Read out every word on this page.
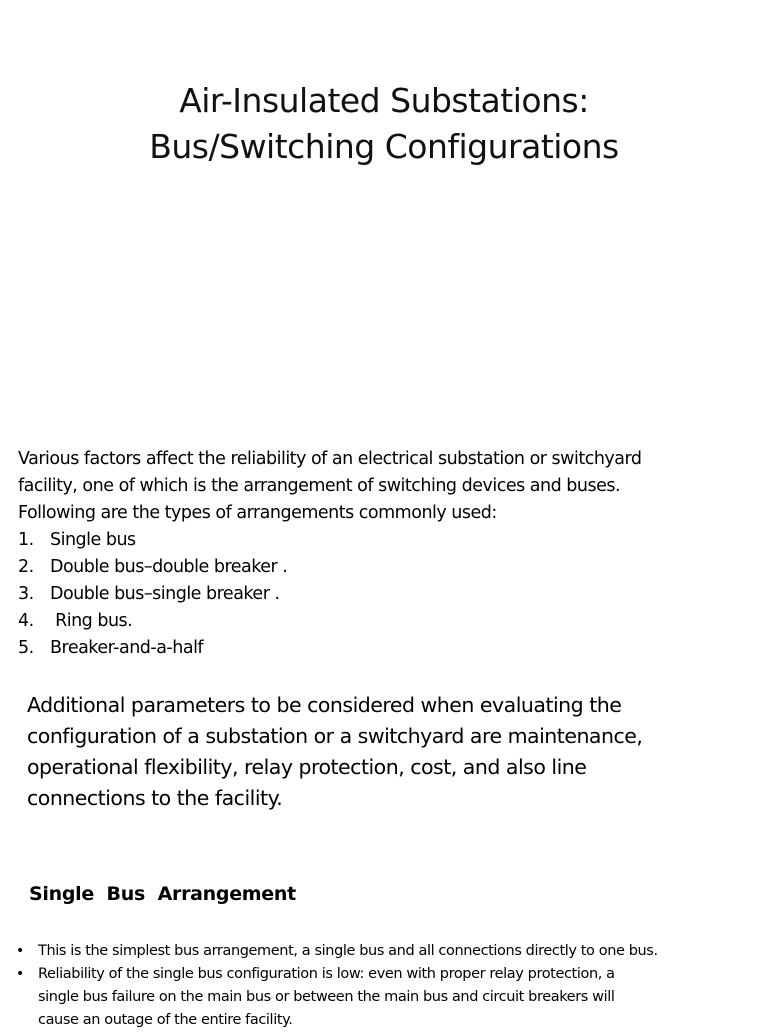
Air-Insulated Substations:
Bus/Switching Configurations

Various factors affect the reliability of an electrical substation or switchyard

facility, one of which is the arrangement of switching devices and buses.

Following are the types of arrangements commonly used:

1. Single bus
2. Double bus–double breaker .
3. Double bus–single breaker .
4. Ring bus.
5. Breaker-and-a-half
Additional parameters to be considered when evaluating the
configuration of a substation or a switchyard are maintenance,
operational flexibility, relay protection, cost, and also line
connections to the facility.
Single  Bus  Arrangement
• This is the simplest bus arrangement, a single bus and all connections directly to one bus.
• Reliability of the single bus configuration is low: even with proper relay protection, a
single bus failure on the main bus or between the main bus and circuit breakers will
cause an outage of the entire facility.
